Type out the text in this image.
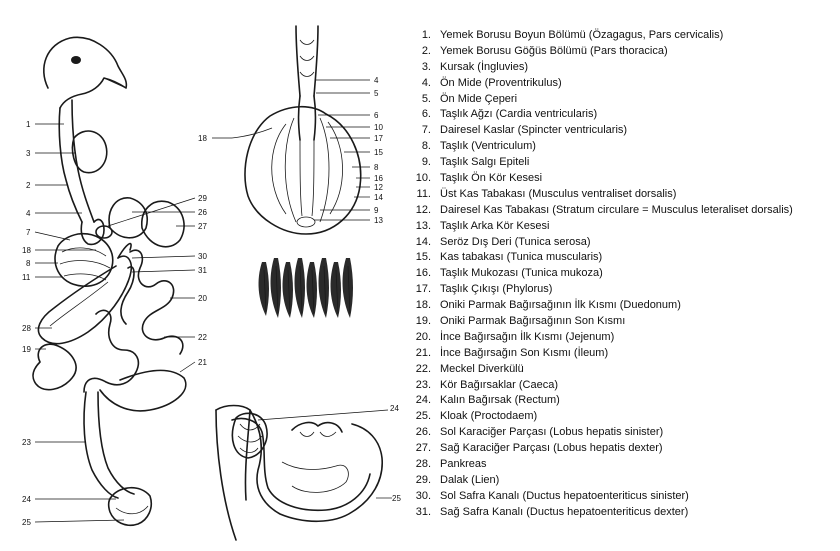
1
3
2
4
7
18
8
11
28
19
23
24
25
29
26
27
30
31
20
22
21
4
5
6
10
17
15
8
16
12
14
9
13
18
24
25
1. Yemek Borusu Boyun Bölümü (Özagagus, Pars cervicalis)
2. Yemek Borusu Göğüs Bölümü (Pars thoracica)
3. Kursak (İngluvies)
4. Ön Mide (Proventrikulus)
5. Ön Mide Çeperi
6. Taşlık Ağzı (Cardia ventricularis)
7. Dairesel Kaslar (Spincter ventricularis)
8. Taşlık (Ventriculum)
9. Taşlık Salgı Epiteli
10. Taşlık Ön Kör Kesesi
11. Üst Kas Tabakası (Musculus ventraliset dorsalis)
12. Dairesel Kas Tabakası (Stratum circulare = Musculus leteraliset dorsalis)
13. Taşlık Arka Kör Kesesi
14. Seröz Dış Deri (Tunica serosa)
15. Kas tabakası (Tunica muscularis)
16. Taşlık Mukozası (Tunica mukoza)
17. Taşlık Çıkışı (Phylorus)
18. Oniki Parmak Bağırsağının İlk Kısmı (Duedonum)
19. Oniki Parmak Bağırsağının Son Kısmı
20. İnce Bağırsağın İlk Kısmı (Jejenum)
21. İnce Bağırsağın Son Kısmı (İleum)
22. Meckel Diverkülü
23. Kör Bağırsaklar (Caeca)
24. Kalın Bağırsak (Rectum)
25. Kloak (Proctodaem)
26. Sol Karaciğer Parçası (Lobus hepatis sinister)
27. Sağ Karaciğer Parçası (Lobus hepatis dexter)
28. Pankreas
29. Dalak (Lien)
30. Sol Safra Kanalı (Ductus hepatoenteriticus sinister)
31. Sağ Safra Kanalı (Ductus hepatoenteriticus dexter)
